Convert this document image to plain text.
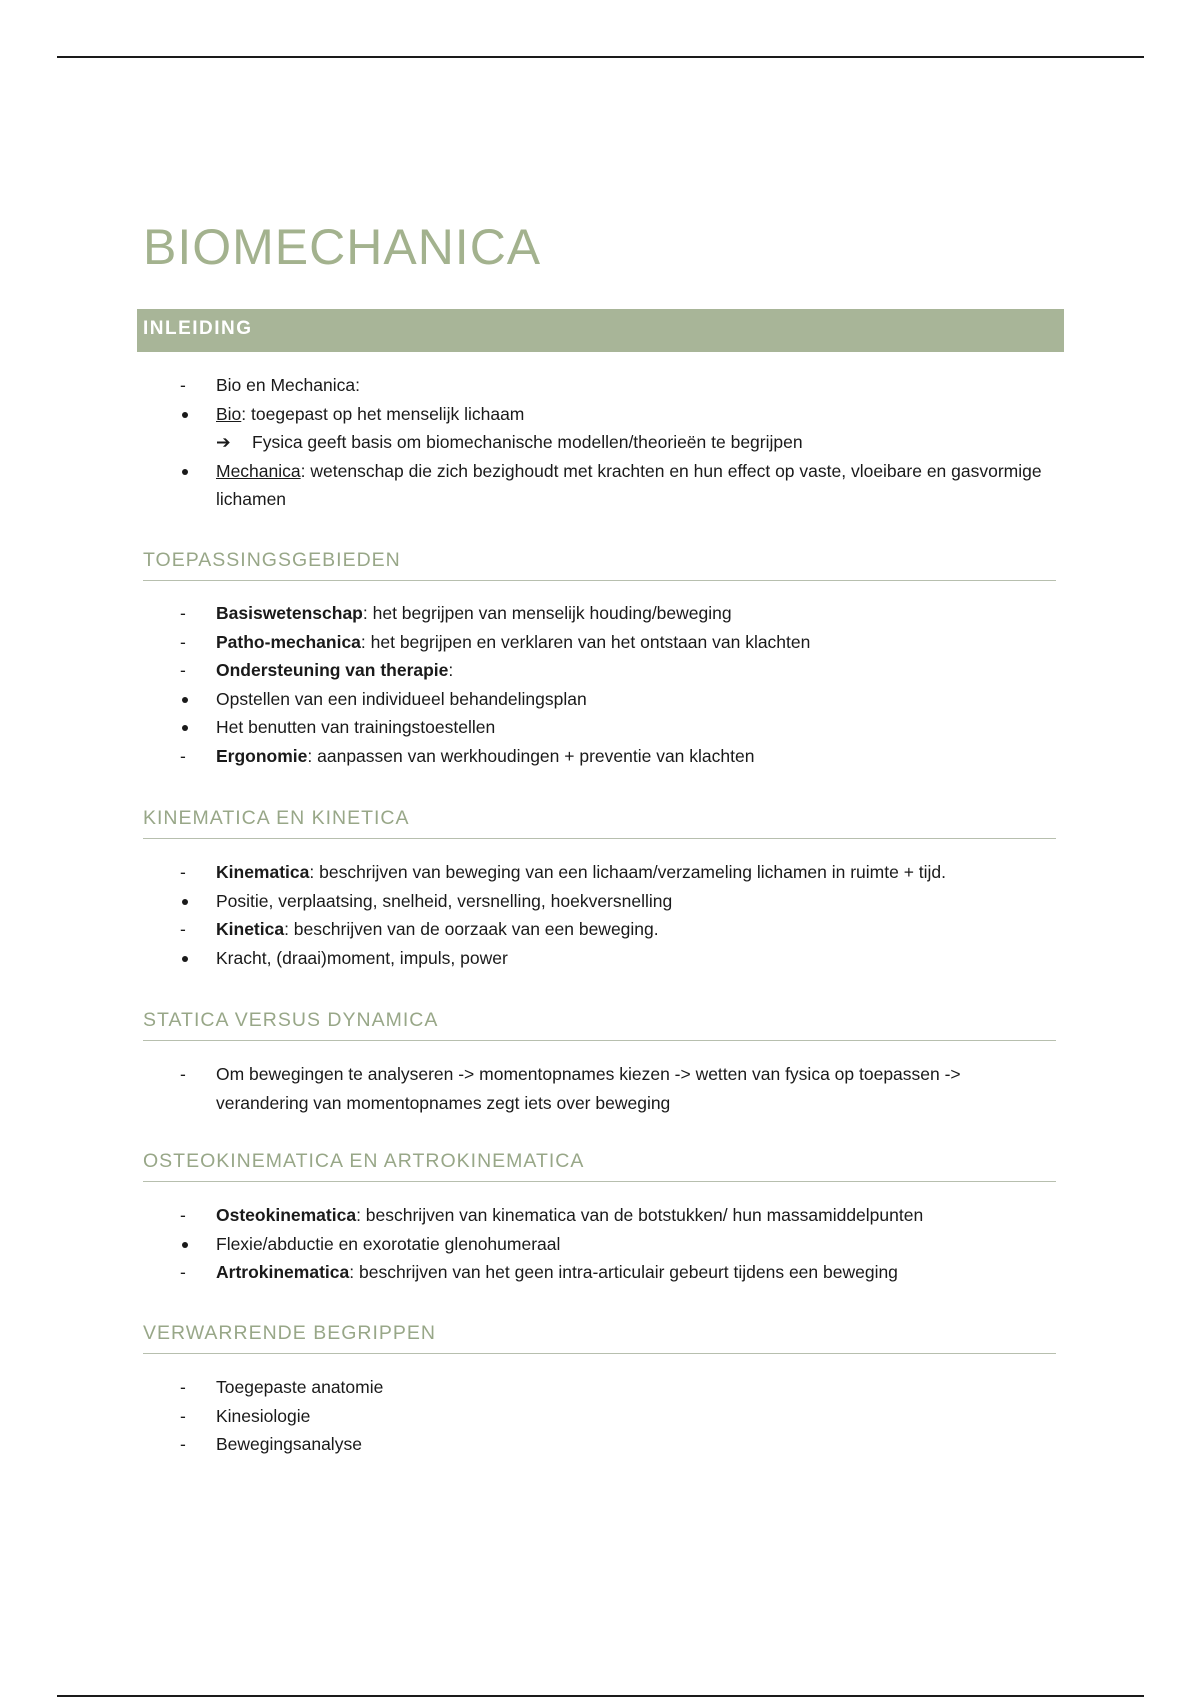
BIOMECHANICA
INLEIDING
- Bio en Mechanica:
Bio: toegepast op het menselijk lichaam
➔ Fysica geeft basis om biomechanische modellen/theorieën te begrijpen
Mechanica: wetenschap die zich bezighoudt met krachten en hun effect op vaste, vloeibare en gasvormige lichamen
TOEPASSINGSGEBIEDEN
- Basiswetenschap: het begrijpen van menselijk houding/beweging
- Patho-mechanica: het begrijpen en verklaren van het ontstaan van klachten
- Ondersteuning van therapie:
Opstellen van een individueel behandelingsplan
Het benutten van trainingstoestellen
- Ergonomie: aanpassen van werkhoudingen + preventie van klachten
KINEMATICA EN KINETICA
- Kinematica: beschrijven van beweging van een lichaam/verzameling lichamen in ruimte + tijd.
Positie, verplaatsing, snelheid, versnelling, hoekversnelling
- Kinetica: beschrijven van de oorzaak van een beweging.
Kracht, (draai)moment, impuls, power
STATICA VERSUS DYNAMICA
- Om bewegingen te analyseren -> momentopnames kiezen -> wetten van fysica op toepassen -> verandering van momentopnames zegt iets over beweging
OSTEOKINEMATICA EN ARTROKINEMATICA
- Osteokinematica: beschrijven van kinematica van de botstukken/ hun massamiddelpunten
Flexie/abductie en exorotatie glenohumeraal
- Artrokinematica: beschrijven van het geen intra-articulair gebeurt tijdens een beweging
VERWARRENDE BEGRIPPEN
- Toegepaste anatomie
- Kinesiologie
- Bewegingsanalyse
